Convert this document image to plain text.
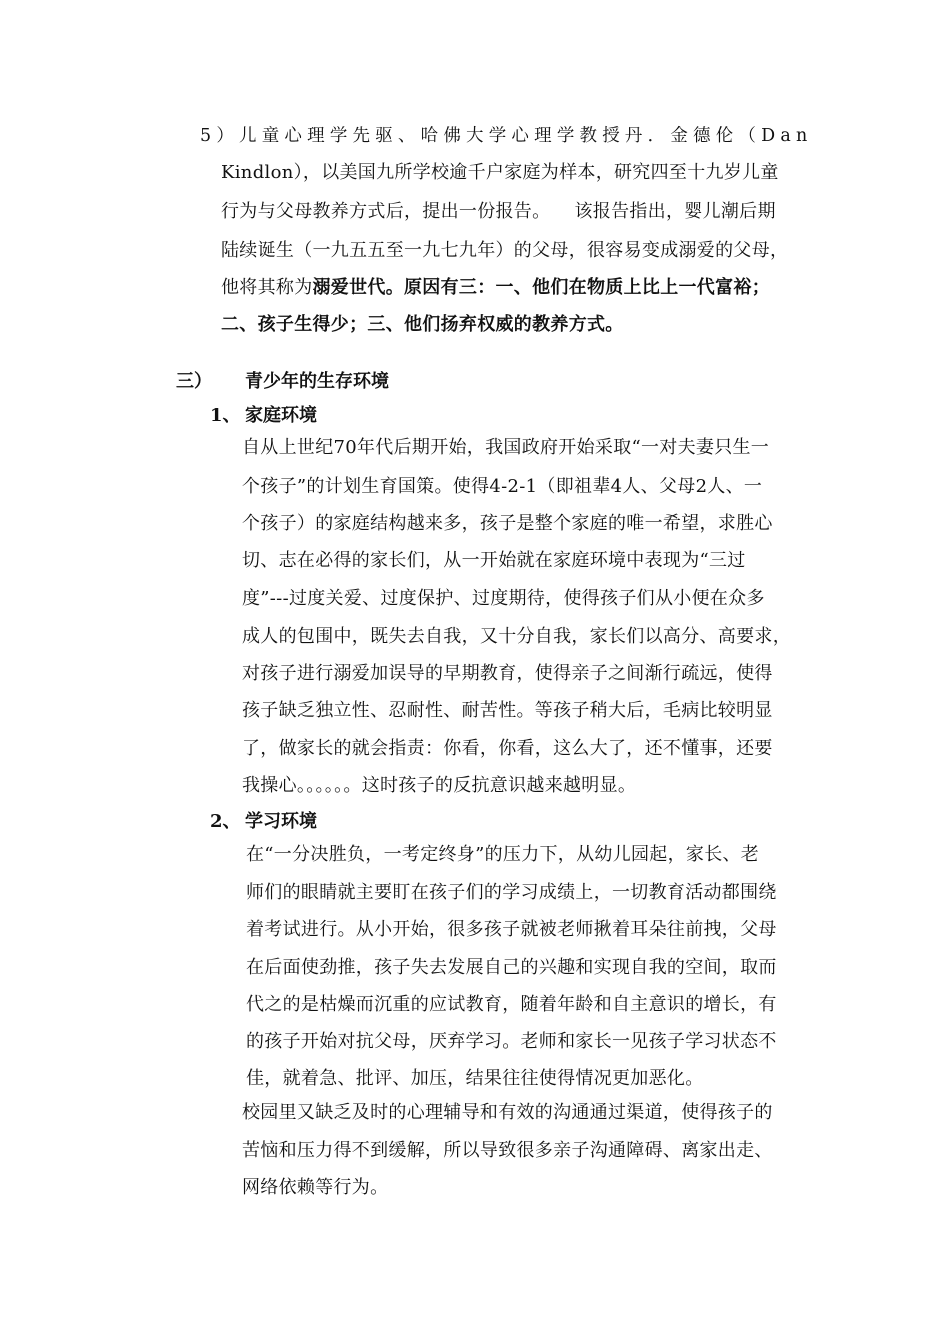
5）儿童心理学先驱、哈佛大学心理学教授丹．金德伦（Dan
Kindlon），以美国九所学校逾千户家庭为样本，研究四至十九岁儿童
行为与父母教养方式后，提出一份报告。    该报告指出，婴儿潮后期
陆续诞生（一九五五至一九七九年）的父母，很容易变成溺爱的父母，
他将其称为溺爱世代。原因有三：一、他们在物质上比上一代富裕；
二、孩子生得少；三、他们扬弃权威的教养方式。
三） 青少年的生存环境
1、 家庭环境
自从上世纪70年代后期开始，我国政府开始采取“一对夫妻只生一
个孩子”的计划生育国策。使得4-2-1（即祖辈4人、父母2人、一
个孩子）的家庭结构越来多，孩子是整个家庭的唯一希望，求胜心
切、志在必得的家长们，从一开始就在家庭环境中表现为“三过
度”---过度关爱、过度保护、过度期待，使得孩子们从小便在众多
成人的包围中，既失去自我，又十分自我，家长们以高分、高要求，
对孩子进行溺爱加误导的早期教育，使得亲子之间渐行疏远，使得
孩子缺乏独立性、忍耐性、耐苦性。等孩子稍大后，毛病比较明显
了，做家长的就会指责：你看，你看，这么大了，还不懂事，还要
我操心。。。。。。这时孩子的反抗意识越来越明显。
2、 学习环境
在“一分决胜负，一考定终身”的压力下，从幼儿园起，家长、老
师们的眼睛就主要盯在孩子们的学习成绩上，一切教育活动都围绕
着考试进行。从小开始，很多孩子就被老师揪着耳朵往前拽，父母
在后面使劲推，孩子失去发展自己的兴趣和实现自我的空间，取而
代之的是枯燥而沉重的应试教育，随着年龄和自主意识的增长，有
的孩子开始对抗父母，厌弃学习。老师和家长一见孩子学习状态不
佳，就着急、批评、加压，结果往往使得情况更加恶化。
校园里又缺乏及时的心理辅导和有效的沟通通过渠道，使得孩子的
苦恼和压力得不到缓解，所以导致很多亲子沟通障碍、离家出走、
网络依赖等行为。
